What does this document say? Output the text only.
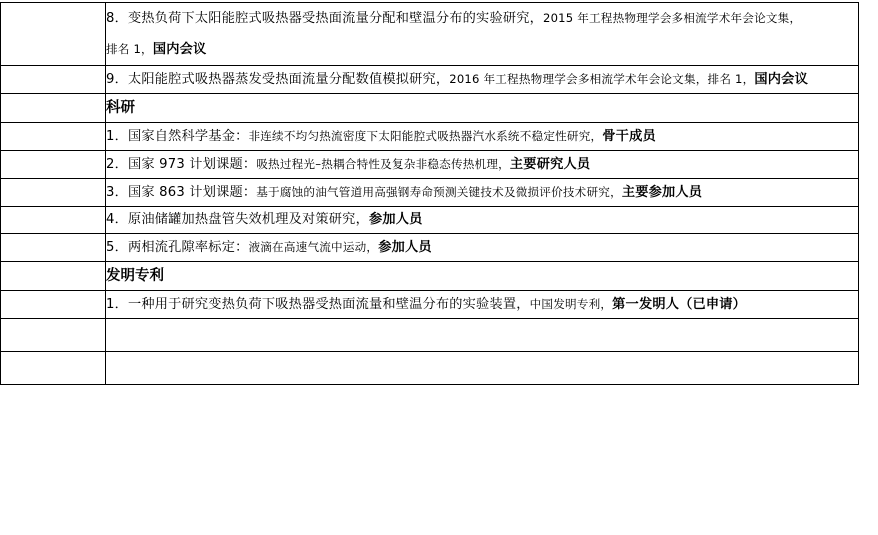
	8．变热负荷下太阳能腔式吸热器受热面流量分配和壁温分布的实验研究，2015 年工程热物理学会多相流学术年会论文集，
排名 1，国内会议

	9．太阳能腔式吸热器蒸发受热面流量分配数值模拟研究，2016 年工程热物理学会多相流学术年会论文集，排名 1，国内会议

	科研

	1．国家自然科学基金：非连续不均匀热流密度下太阳能腔式吸热器汽水系统不稳定性研究，骨干成员

	2．国家 973 计划课题：吸热过程光–热耦合特性及复杂非稳态传热机理，主要研究人员

	3．国家 863 计划课题：基于腐蚀的油气管道用高强钢寿命预测关键技术及微损评价技术研究，主要参加人员

	4．原油储罐加热盘管失效机理及对策研究，参加人员

	5．两相流孔隙率标定：液滴在高速气流中运动，参加人员

	发明专利

	1．一种用于研究变热负荷下吸热器受热面流量和壁温分布的实验装置，中国发明专利，第一发明人（已申请）
